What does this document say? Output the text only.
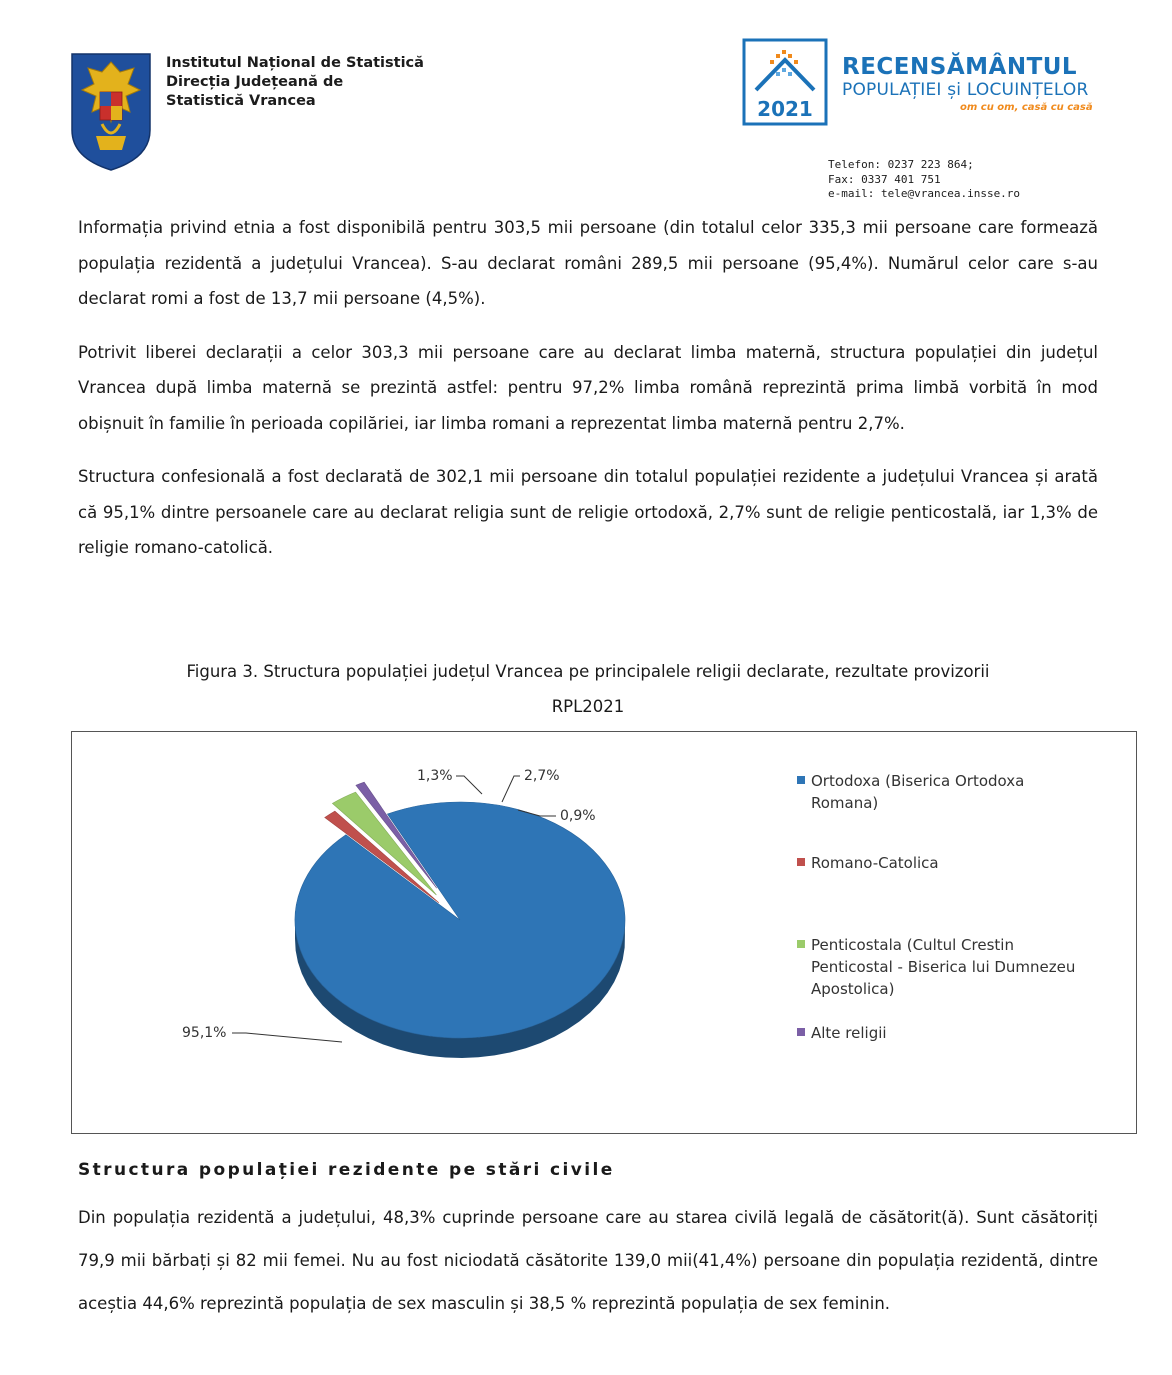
Institutul Național de Statistică
Direcția Județeană de
Statistică Vrancea	2021
RECENSĂMÂNTUL
POPULAȚIEI și LOCUINȚELOR
om cu om, casă cu casă
Telefon: 0237 223 864;
Fax: 0337 401 751
e-mail: tele@vrancea.insse.ro

Informația privind etnia a fost disponibilă pentru 303,5 mii persoane (din totalul celor 335,3 mii persoane care formează populația rezidentă a județului Vrancea). S-au declarat români 289,5 mii persoane (95,4%). Numărul celor care s-au declarat romi a fost de 13,7 mii persoane (4,5%).

Potrivit liberei declarații a celor 303,3 mii persoane care au declarat limba maternă, structura populației din județul Vrancea după limba maternă se prezintă astfel: pentru 97,2% limba română reprezintă prima limbă vorbită în mod obișnuit în familie în perioada copilăriei, iar limba romani a reprezentat limba maternă pentru 2,7%.

Structura confesională a fost declarată de 302,1 mii persoane din totalul populației rezidente a județului Vrancea și arată că 95,1% dintre persoanele care au declarat religia sunt de religie ortodoxă, 2,7% sunt de religie penticostală, iar 1,3% de religie romano-catolică.

Figura 3. Structura populației județul Vrancea pe principalele religii declarate, rezultate provizorii
RPL2021
95,1%
1,3%	2,7%
0,9%
Ortodoxa (Biserica Ortodoxa
Romana)
Romano-Catolica
Penticostala (Cultul Crestin
Penticostal - Biserica lui Dumnezeu
Apostolica)
Alte religii
Structura populației rezidente pe stări civile
Din populația rezidentă a județului, 48,3% cuprinde persoane care au starea civilă legală de căsătorit(ă). Sunt căsătoriți 79,9 mii bărbați și 82 mii femei. Nu au fost niciodată căsătorite 139,0 mii(41,4%) persoane din populația rezidentă, dintre aceștia 44,6% reprezintă populația de sex masculin și 38,5 % reprezintă populația de sex feminin.
